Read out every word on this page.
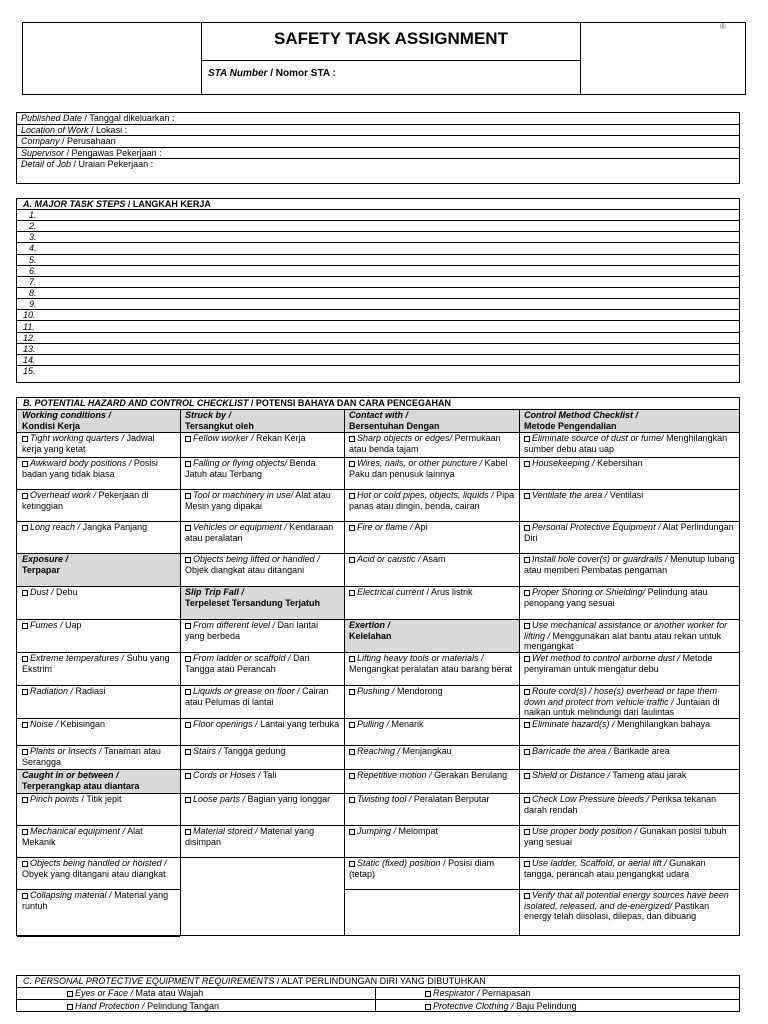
SAFETY TASK ASSIGNMENT
STA Number / Nomor STA :
®
Published Date / Tanggal dikeluarkan :
Location of Work / Lokasi :
Company / Perusahaan
Supervisor / Pengawas Pekerjaan :
Detail of Job / Uraian Pekerjaan :
A. MAJOR TASK STEPS / LANGKAH KERJA
1.
2.
3.
4.
5.
6.
7.
8.
9.
10.
11.
12.
13.
14.
15.
B. POTENTIAL HAZARD AND CONTROL CHECKLIST / POTENSI BAHAYA DAN CARA PENCEGAHAN
Working conditions /
Kondisi Kerja
Tight working quarters / Jadwal kerja yang ketat
Awkward body positions / Posisi badan yang tidak biasa
Overhead work / Pekerjaan di ketinggian
Long reach / Jangka Panjang
Exposure /
Terpapar
Dust / Debu
Fumes / Uap
Extreme temperatures / Suhu yang Ekstrim
Radiation / Radiasi
Noise / Kebisingan
Plants or Insects / Tanaman atau Serangga
Caught in or between /
Terperangkap atau diantara
Pinch points / Titik jepit
Mechanical equipment / Alat Mekanik
Objects being handled or hoisted / Obyek yang ditangani atau diangkat
Collapsing material / Material yang runtuh
Struck by /
Tersangkut oleh
Fellow worker / Rekan Kerja
Falling or flying objects/ Benda Jatuh atau Terbang
Tool or machinery in use/ Alat atau Mesin yang dipakai
Vehicles or equipment / Kendaraan atau peralatan
Objects being lifted or handled / Objek diangkat atau ditangani
Slip Trip Fall /
Terpeleset Tersandung Terjatuh
From different level / Dari lantai yang berbeda
From ladder or scaffold / Dari Tangga atau Perancah
Liquids or grease on floor / Cairan atau Pelumas di lantai
Floor openings / Lantai yang terbuka
Stairs / Tangga gedung
Cords or Hoses / Tali
Loose parts / Bagian yang longgar
Material stored / Material yang disimpan
Contact with /
Bersentuhan Dengan
Sharp objects or edges/ Permukaan atau benda tajam
Wires, nails, or other puncture / Kabel Paku dan penusuk lainnya
Hot or cold pipes, objects, liquids / Pipa panas atau dingin, benda, cairan
Fire or flame / Api
Acid or caustic / Asam
Electrical current / Arus listrik
Exertion /
Kelelahan
Lifting heavy tools or materials / Mengangkat peralatan atau barang berat
Pushing / Mendorong
Pulling / Menarik
Reaching / Menjangkau
Repetitive motion / Gerakan Berulang
Twisting tool / Peralatan Berputar
Jumping / Melompat
Static (fixed) position / Posisi diam (tetap)
Control Method Checklist /
Metode Pengendalian
Eliminate source of dust or fume/ Menghilangkan sumber debu atau uap
Housekeeping / Kebersihan
Ventilate the area / Ventilasi
Personal Protective Equipment / Alat Perlindungan Diri
Install hole cover(s) or guardrails / Menutup lubang atau memberi Pembatas pengaman
Proper Shoring or Shielding/ Pelindung atau penopang yang sesuai
Use mechanical assistance or another worker for lifting / Menggunakan alat bantu atau rekan untuk mengangkat
Wet method to control airborne dust / Metode penyiraman untuk mengatur debu
Route cord(s) / hose(s) overhead or tape them down and protect from vehicle traffic / Juntaian di naikan untuk melindungi dari laulintas
Eliminate hazard(s) / Menghilangkan bahaya
Barricade the area / Barikade area
Shield or Distance / Tameng atau jarak
Check Low Pressure bleeds / Periksa tekanan darah rendah
Use proper body position / Gunakan posisi tubuh yang sesuai
Use ladder, Scaffold, or aerial lift / Gunakan tangga, perancah atau pengangkat udara
Verify that all potential energy sources have been isolated, released, and de-energized/ Pastikan energy telah diisolasi, dilepas, dan dibuang
C. PERSONAL PROTECTIVE EQUIPMENT REQUIREMENTS / ALAT PERLINDUNGAN DIRI YANG DIBUTUHKAN
Eyes or Face / Mata atau Wajah	Respirator / Pernapasan
Hand Protection / Pelindung Tangan	Protective Clothing / Baju Pelindung
